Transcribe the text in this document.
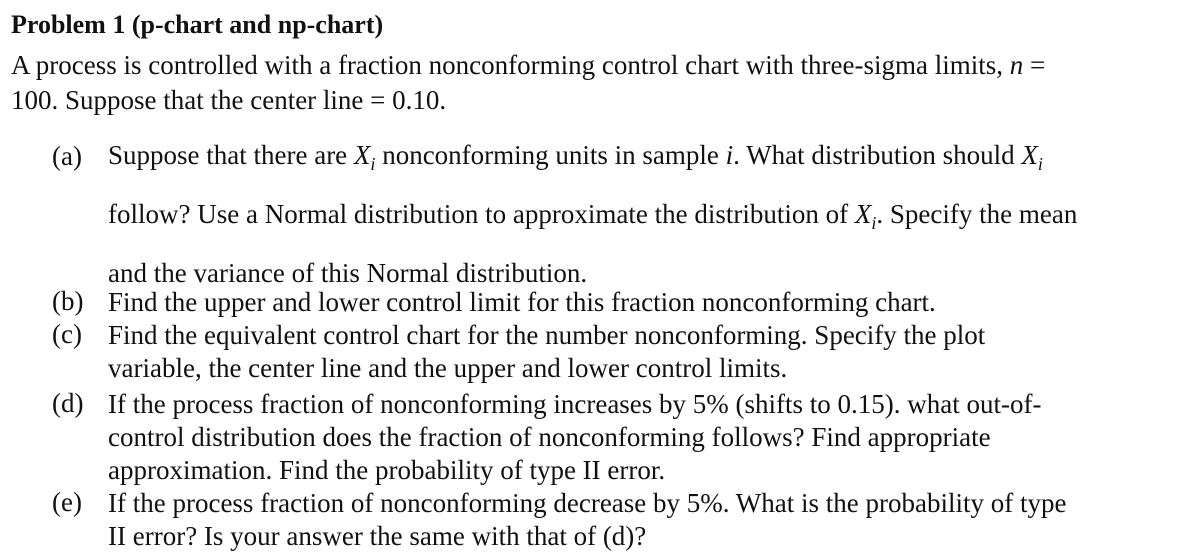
Problem 1 (p-chart and np-chart)
A process is controlled with a fraction nonconforming control chart with three-sigma limits, n =
100. Suppose that the center line = 0.10.
(a) Suppose that there are $X_i$ nonconforming units in sample i. What distribution should $X_i$
follow? Use a Normal distribution to approximate the distribution of $X_i$. Specify the mean
and the variance of this Normal distribution.
(b) Find the upper and lower control limit for this fraction nonconforming chart.
(c) Find the equivalent control chart for the number nonconforming. Specify the plot
variable, the center line and the upper and lower control limits.
(d) If the process fraction of nonconforming increases by 5% (shifts to 0.15). what out-of-
control distribution does the fraction of nonconforming follows? Find appropriate
approximation. Find the probability of type II error.
(e) If the process fraction of nonconforming decrease by 5%. What is the probability of type
II error? Is your answer the same with that of (d)?
